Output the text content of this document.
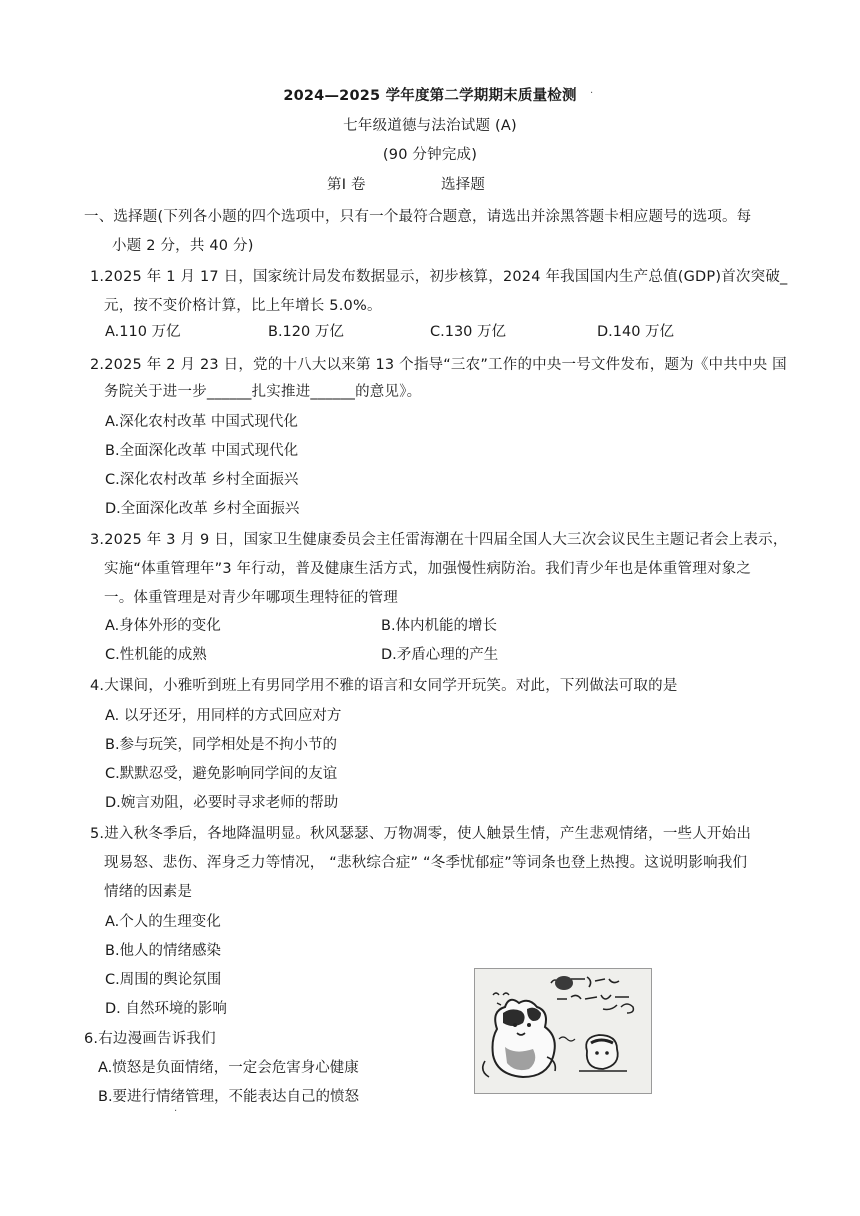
2024—2025 学年度第二学期期末质量检测
七年级道德与法治试题 (A)
(90 分钟完成)
第Ⅰ 卷	选择题
一、选择题(下列各小题的四个选项中，只有一个最符合题意，请选出并涂黑答题卡相应题号的选项。每
小题 2 分，共 40 分)
1.2025 年 1 月 17 日，国家统计局发布数据显示，初步核算，2024 年我国国内生产总值(GDP)首次突破_
元，按不变价格计算，比上年增长 5.0%。
A.110 万亿	B.120 万亿	C.130 万亿	D.140 万亿
2.2025 年 2 月 23 日，党的十八大以来第 13 个指导“三农”工作的中央一号文件发布，题为《中共中央 国
务院关于进一步______扎实推进______的意见》。
A.深化农村改革 中国式现代化
B.全面深化改革 中国式现代化
C.深化农村改革 乡村全面振兴
D.全面深化改革 乡村全面振兴
3.2025 年 3 月 9 日，国家卫生健康委员会主任雷海潮在十四届全国人大三次会议民生主题记者会上表示，
实施“体重管理年”3 年行动，普及健康生活方式，加强慢性病防治。我们青少年也是体重管理对象之
一。体重管理是对青少年哪项生理特征的管理
A.身体外形的变化	B.体内机能的增长
C.性机能的成熟	D.矛盾心理的产生
4.大课间，小雅听到班上有男同学用不雅的语言和女同学开玩笑。对此，下列做法可取的是
A. 以牙还牙，用同样的方式回应对方
B.参与玩笑，同学相处是不拘小节的
C.默默忍受，避免影响同学间的友谊
D.婉言劝阻，必要时寻求老师的帮助
5.进入秋冬季后，各地降温明显。秋风瑟瑟、万物凋零，使人触景生情，产生悲观情绪，一些人开始出
现易怒、悲伤、浑身乏力等情况， “悲秋综合症” “冬季忧郁症”等词条也登上热搜。这说明影响我们
情绪的因素是
A.个人的生理变化
B.他人的情绪感染
C.周围的舆论氛围
D. 自然环境的影响
6.右边漫画告诉我们
A.愤怒是负面情绪，一定会危害身心健康
B.要进行情绪管理，不能表达自己的愤怒
·
·
